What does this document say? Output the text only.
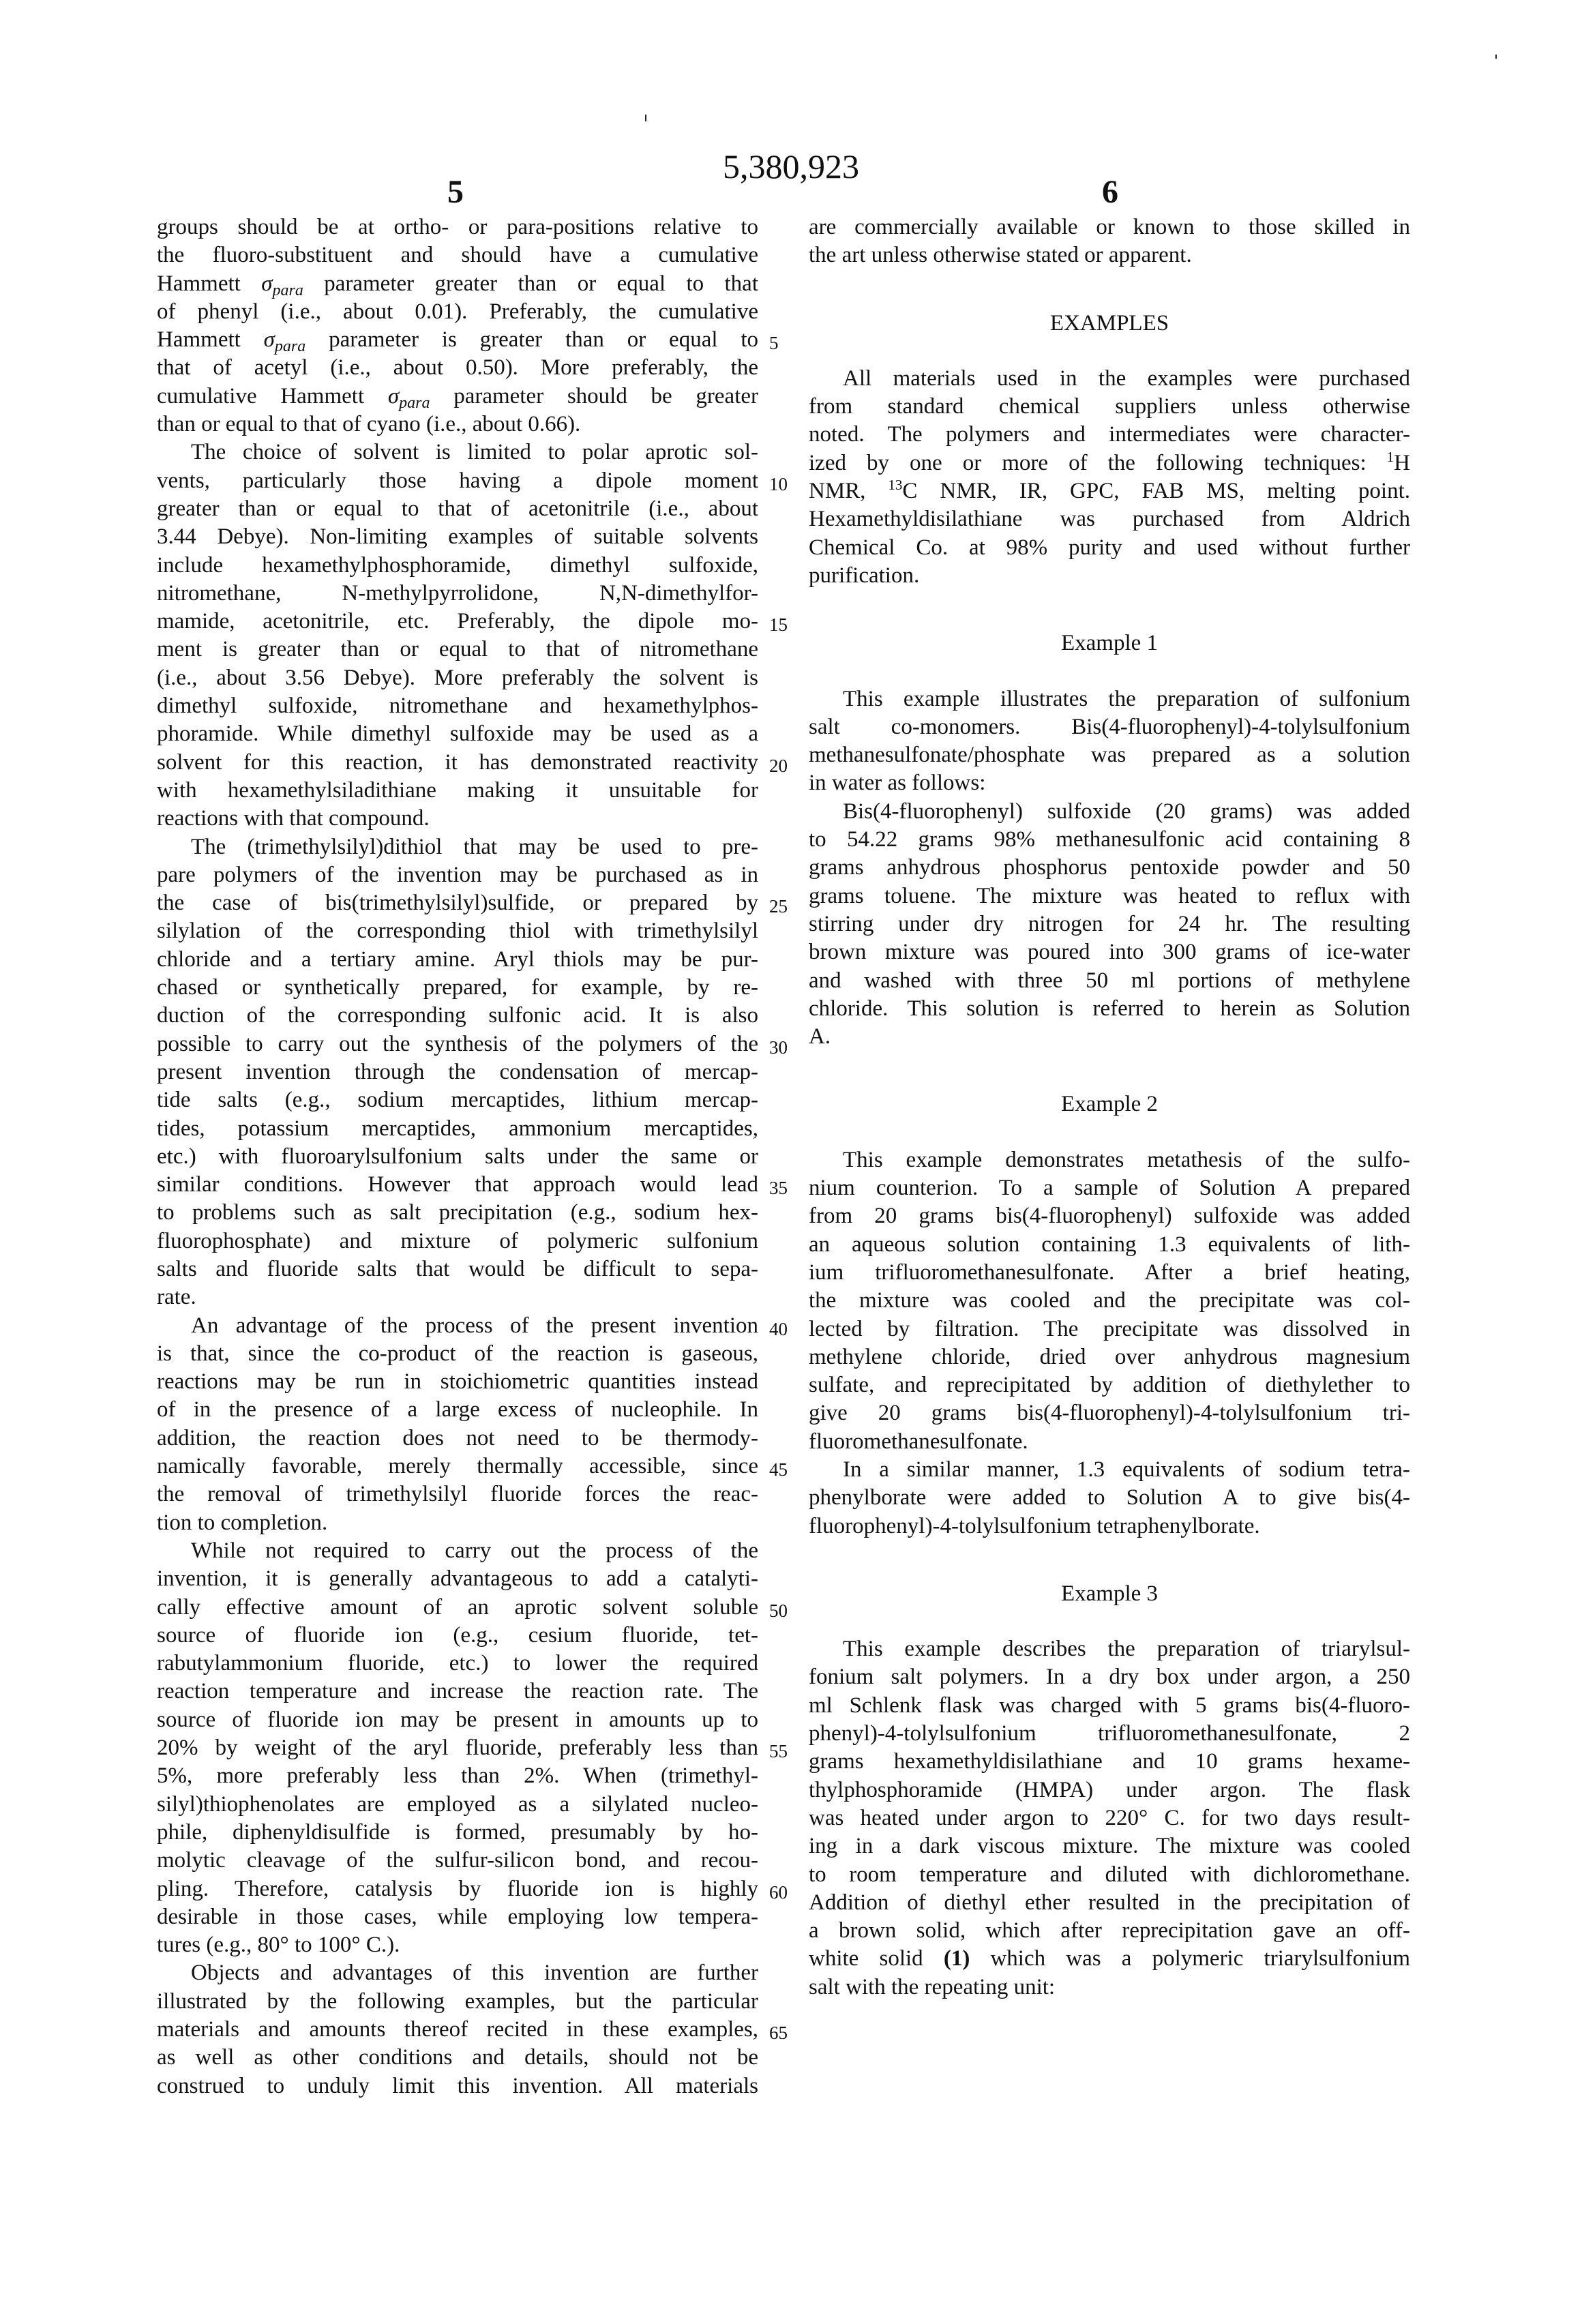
5,380,923
5	6
groups should be at ortho- or para-positions relative to
the fluoro-substituent and should have a cumulative
Hammett $\sigma_{para}$ parameter greater than or equal to that
of phenyl (i.e., about 0.01). Preferably, the cumulative
Hammett $\sigma_{para}$ parameter is greater than or equal to
that of acetyl (i.e., about 0.50). More preferably, the
cumulative Hammett $\sigma_{para}$ parameter should be greater
than or equal to that of cyano (i.e., about 0.66).
The choice of solvent is limited to polar aprotic sol-
vents, particularly those having a dipole moment
greater than or equal to that of acetonitrile (i.e., about
3.44 Debye). Non-limiting examples of suitable solvents
include hexamethylphosphoramide, dimethyl sulfoxide,
nitromethane, N-methylpyrrolidone, N,N-dimethylfor-
mamide, acetonitrile, etc. Preferably, the dipole mo-
ment is greater than or equal to that of nitromethane
(i.e., about 3.56 Debye). More preferably the solvent is
dimethyl sulfoxide, nitromethane and hexamethylphos-
phoramide. While dimethyl sulfoxide may be used as a
solvent for this reaction, it has demonstrated reactivity
with hexamethylsiladithiane making it unsuitable for
reactions with that compound.
The (trimethylsilyl)dithiol that may be used to pre-
pare polymers of the invention may be purchased as in
the case of bis(trimethylsilyl)sulfide, or prepared by
silylation of the corresponding thiol with trimethylsilyl
chloride and a tertiary amine. Aryl thiols may be pur-
chased or synthetically prepared, for example, by re-
duction of the corresponding sulfonic acid. It is also
possible to carry out the synthesis of the polymers of the
present invention through the condensation of mercap-
tide salts (e.g., sodium mercaptides, lithium mercap-
tides, potassium mercaptides, ammonium mercaptides,
etc.) with fluoroarylsulfonium salts under the same or
similar conditions. However that approach would lead
to problems such as salt precipitation (e.g., sodium hex-
fluorophosphate) and mixture of polymeric sulfonium
salts and fluoride salts that would be difficult to sepa-
rate.
An advantage of the process of the present invention
is that, since the co-product of the reaction is gaseous,
reactions may be run in stoichiometric quantities instead
of in the presence of a large excess of nucleophile. In
addition, the reaction does not need to be thermody-
namically favorable, merely thermally accessible, since
the removal of trimethylsilyl fluoride forces the reac-
tion to completion.
While not required to carry out the process of the
invention, it is generally advantageous to add a catalyti-
cally effective amount of an aprotic solvent soluble
source of fluoride ion (e.g., cesium fluoride, tet-
rabutylammonium fluoride, etc.) to lower the required
reaction temperature and increase the reaction rate. The
source of fluoride ion may be present in amounts up to
20% by weight of the aryl fluoride, preferably less than
5%, more preferably less than 2%. When (trimethyl-
silyl)thiophenolates are employed as a silylated nucleo-
phile, diphenyldisulfide is formed, presumably by ho-
molytic cleavage of the sulfur-silicon bond, and recou-
pling. Therefore, catalysis by fluoride ion is highly
desirable in those cases, while employing low tempera-
tures (e.g., 80° to 100° C.).
Objects and advantages of this invention are further
illustrated by the following examples, but the particular
materials and amounts thereof recited in these examples,
as well as other conditions and details, should not be
construed to unduly limit this invention. All materials
5
10
15
20
25
30
35
40
45
50
55
60
65
are commercially available or known to those skilled in
the art unless otherwise stated or apparent.
EXAMPLES
All materials used in the examples were purchased
from standard chemical suppliers unless otherwise
noted. The polymers and intermediates were character-
ized by one or more of the following techniques: $^1$H
NMR, $^{13}$C NMR, IR, GPC, FAB MS, melting point.
Hexamethyldisilathiane was purchased from Aldrich
Chemical Co. at 98% purity and used without further
purification.
Example 1
This example illustrates the preparation of sulfonium
salt co-monomers. Bis(4-fluorophenyl)-4-tolylsulfonium
methanesulfonate/phosphate was prepared as a solution
in water as follows:
Bis(4-fluorophenyl) sulfoxide (20 grams) was added
to 54.22 grams 98% methanesulfonic acid containing 8
grams anhydrous phosphorus pentoxide powder and 50
grams toluene. The mixture was heated to reflux with
stirring under dry nitrogen for 24 hr. The resulting
brown mixture was poured into 300 grams of ice-water
and washed with three 50 ml portions of methylene
chloride. This solution is referred to herein as Solution
A.
Example 2
This example demonstrates metathesis of the sulfo-
nium counterion. To a sample of Solution A prepared
from 20 grams bis(4-fluorophenyl) sulfoxide was added
an aqueous solution containing 1.3 equivalents of lith-
ium trifluoromethanesulfonate. After a brief heating,
the mixture was cooled and the precipitate was col-
lected by filtration. The precipitate was dissolved in
methylene chloride, dried over anhydrous magnesium
sulfate, and reprecipitated by addition of diethylether to
give 20 grams bis(4-fluorophenyl)-4-tolylsulfonium tri-
fluoromethanesulfonate.
In a similar manner, 1.3 equivalents of sodium tetra-
phenylborate were added to Solution A to give bis(4-
fluorophenyl)-4-tolylsulfonium tetraphenylborate.
Example 3
This example describes the preparation of triarylsul-
fonium salt polymers. In a dry box under argon, a 250
ml Schlenk flask was charged with 5 grams bis(4-fluoro-
phenyl)-4-tolylsulfonium trifluoromethanesulfonate, 2
grams hexamethyldisilathiane and 10 grams hexame-
thylphosphoramide (HMPA) under argon. The flask
was heated under argon to 220° C. for two days result-
ing in a dark viscous mixture. The mixture was cooled
to room temperature and diluted with dichloromethane.
Addition of diethyl ether resulted in the precipitation of
a brown solid, which after reprecipitation gave an off-
white solid (1) which was a polymeric triarylsulfonium
salt with the repeating unit:
